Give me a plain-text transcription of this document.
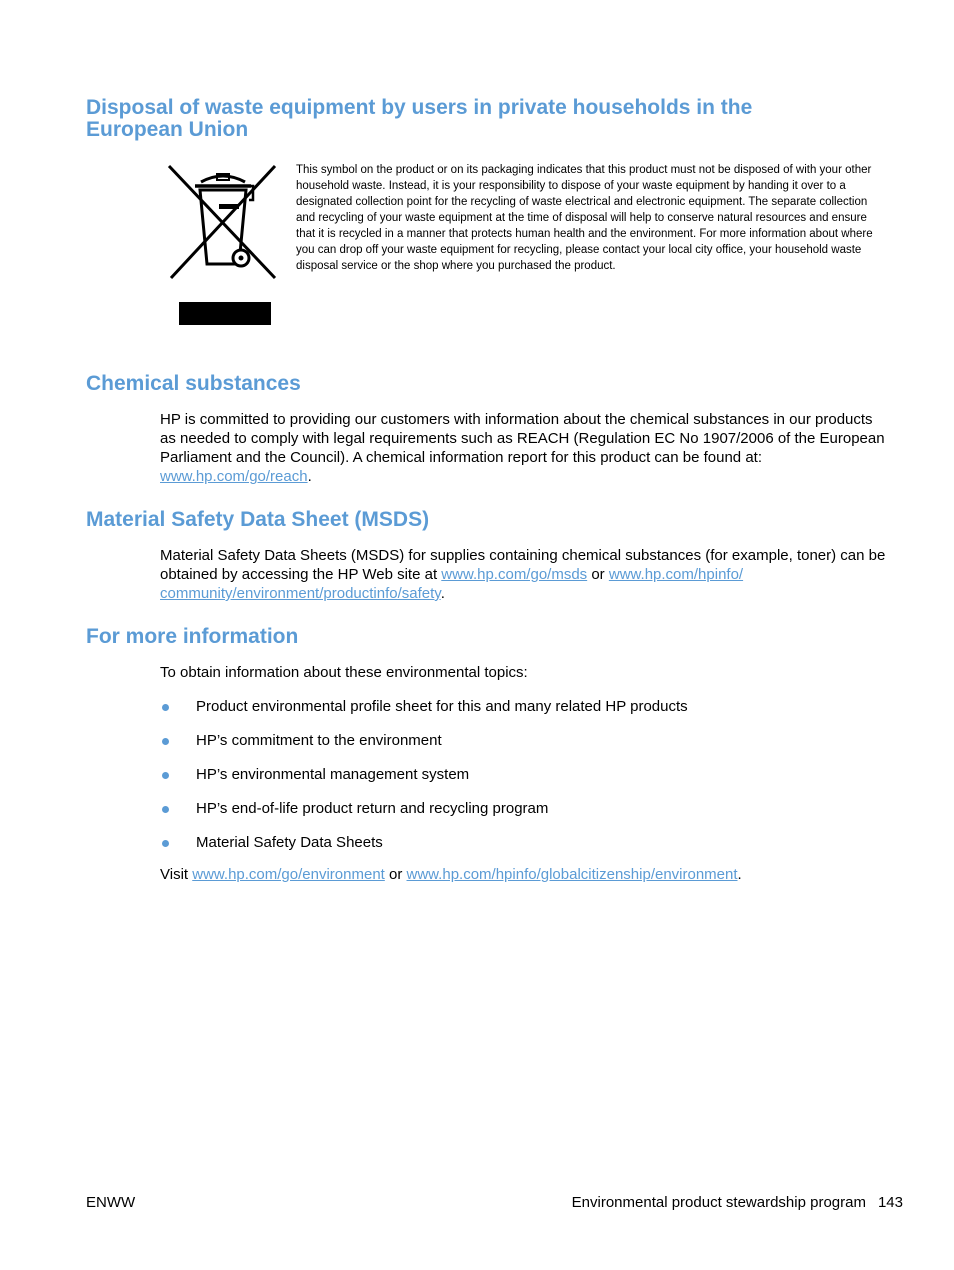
Disposal of waste equipment by users in private households in the European Union

This symbol on the product or on its packaging indicates that this product must not be disposed of with your other household waste. Instead, it is your responsibility to dispose of your waste equipment by handing it over to a designated collection point for the recycling of waste electrical and electronic equipment. The separate collection and recycling of your waste equipment at the time of disposal will help to conserve natural resources and ensure that it is recycled in a manner that protects human health and the environment. For more information about where you can drop off your waste equipment for recycling, please contact your local city office, your household waste disposal service or the shop where you purchased the product.

Chemical substances

HP is committed to providing our customers with information about the chemical substances in our products as needed to comply with legal requirements such as REACH (Regulation EC No 1907/2006 of the European Parliament and the Council). A chemical information report for this product can be found at: www.hp.com/go/reach.

Material Safety Data Sheet (MSDS)

Material Safety Data Sheets (MSDS) for supplies containing chemical substances (for example, toner) can be obtained by accessing the HP Web site at www.hp.com/go/msds or www.hp.com/hpinfo/ community/environment/productinfo/safety.

For more information

To obtain information about these environmental topics:

Product environmental profile sheet for this and many related HP products
HP’s commitment to the environment
HP’s environmental management system
HP’s end-of-life product return and recycling program
Material Safety Data Sheets

Visit www.hp.com/go/environment or www.hp.com/hpinfo/globalcitizenship/environment.

ENWW	Environmental product stewardship program 143
